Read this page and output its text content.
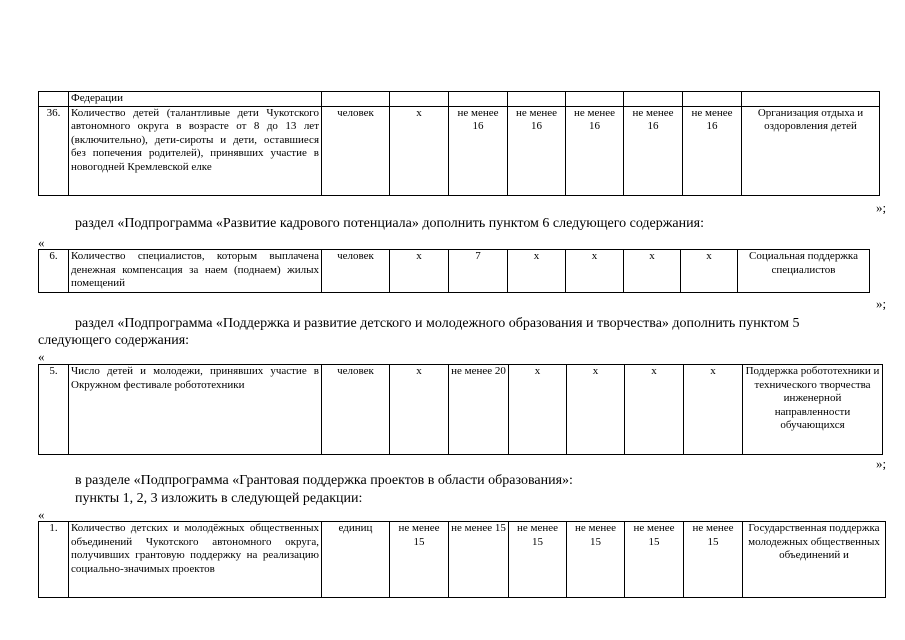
	Федерации								
36.	Количество детей (талантливые дети Чукотского автономного округа в возрасте от 8 до 13 лет (включительно), дети-сироты и дети, оставшиеся без попечения родителей), принявших участие в новогодней Кремлевской елке	человек	х	не менее 16	не менее 16	не менее 16	не менее 16	не менее 16	Организация отдыха и оздоровления детей
»;
раздел «Подпрограмма «Развитие кадрового потенциала» дополнить пунктом 6 следующего содержания:
«
6.	Количество специалистов, которым выплачена денежная компенсация за наем (поднаем) жилых помещений	человек	х	7	х	х	х	х	Социальная поддержка специалистов
»;
раздел «Подпрограмма «Поддержка и развитие детского и молодежного образования и творчества» дополнить пунктом 5
следующего содержания:
«
5.	Число детей и молодежи, принявших участие в Окружном фестивале робототехники	человек	х	не менее 20	х	х	х	х	Поддержка робототехники и технического творчества инженерной направленности обучающихся
»;
в разделе «Подпрограмма «Грантовая поддержка проектов в области образования»:
пункты 1, 2, 3 изложить в следующей редакции:
«
1.	Количество детских и молодёжных общественных объединений Чукотского автономного округа, получивших грантовую поддержку на реализацию социально-значимых проектов	единиц	не менее 15	не менее 15	не менее 15	не менее 15	не менее 15	не менее 15	Государственная поддержка молодежных общественных объединений и
